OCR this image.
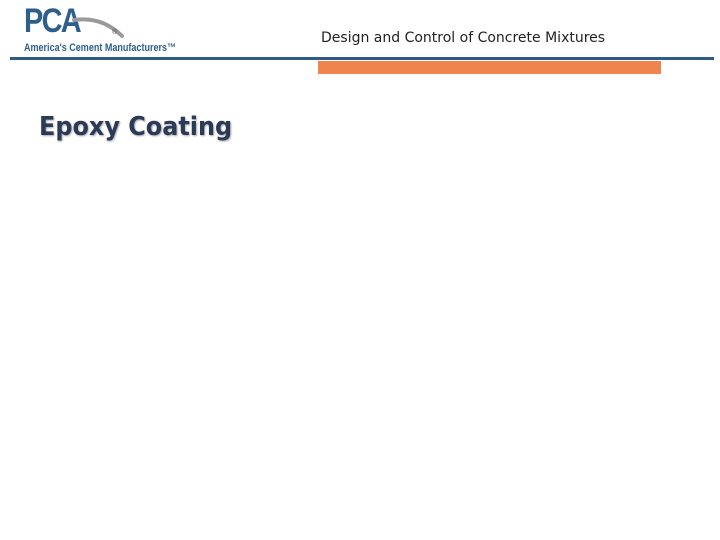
PCA	®
America's Cement Manufacturers™
Design and Control of Concrete Mixtures
Epoxy Coating
